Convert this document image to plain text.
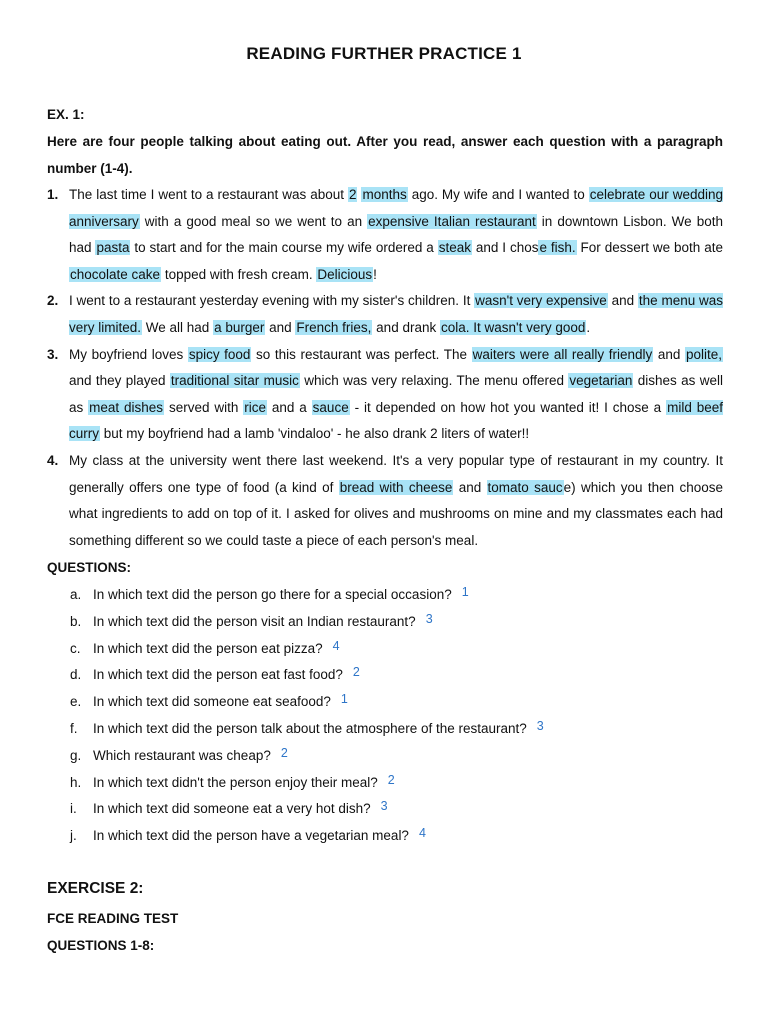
READING FURTHER PRACTICE 1
EX. 1:
Here are four people talking about eating out. After you read, answer each question with a paragraph number (1-4).
1. The last time I went to a restaurant was about 2 months ago. My wife and I wanted to celebrate our wedding anniversary with a good meal so we went to an expensive Italian restaurant in downtown Lisbon. We both had pasta to start and for the main course my wife ordered a steak and I chose fish. For dessert we both ate chocolate cake topped with fresh cream. Delicious!
2. I went to a restaurant yesterday evening with my sister's children. It wasn't very expensive and the menu was very limited. We all had a burger and French fries, and drank cola. It wasn't very good.
3. My boyfriend loves spicy food so this restaurant was perfect. The waiters were all really friendly and polite, and they played traditional sitar music which was very relaxing. The menu offered vegetarian dishes as well as meat dishes served with rice and a sauce - it depended on how hot you wanted it! I chose a mild beef curry but my boyfriend had a lamb 'vindaloo' - he also drank 2 liters of water!!
4. My class at the university went there last weekend. It's a very popular type of restaurant in my country. It generally offers one type of food (a kind of bread with cheese and tomato sauce) which you then choose what ingredients to add on top of it. I asked for olives and mushrooms on mine and my classmates each had something different so we could taste a piece of each person's meal.
QUESTIONS:
a. In which text did the person go there for a special occasion? 1
b. In which text did the person visit an Indian restaurant? 3
c. In which text did the person eat pizza? 4
d. In which text did the person eat fast food? 2
e. In which text did someone eat seafood? 1
f. In which text did the person talk about the atmosphere of the restaurant? 3
g. Which restaurant was cheap? 2
h. In which text didn't the person enjoy their meal? 2
i. In which text did someone eat a very hot dish? 3
j. In which text did the person have a vegetarian meal? 4
EXERCISE 2:
FCE READING TEST
QUESTIONS 1-8:
